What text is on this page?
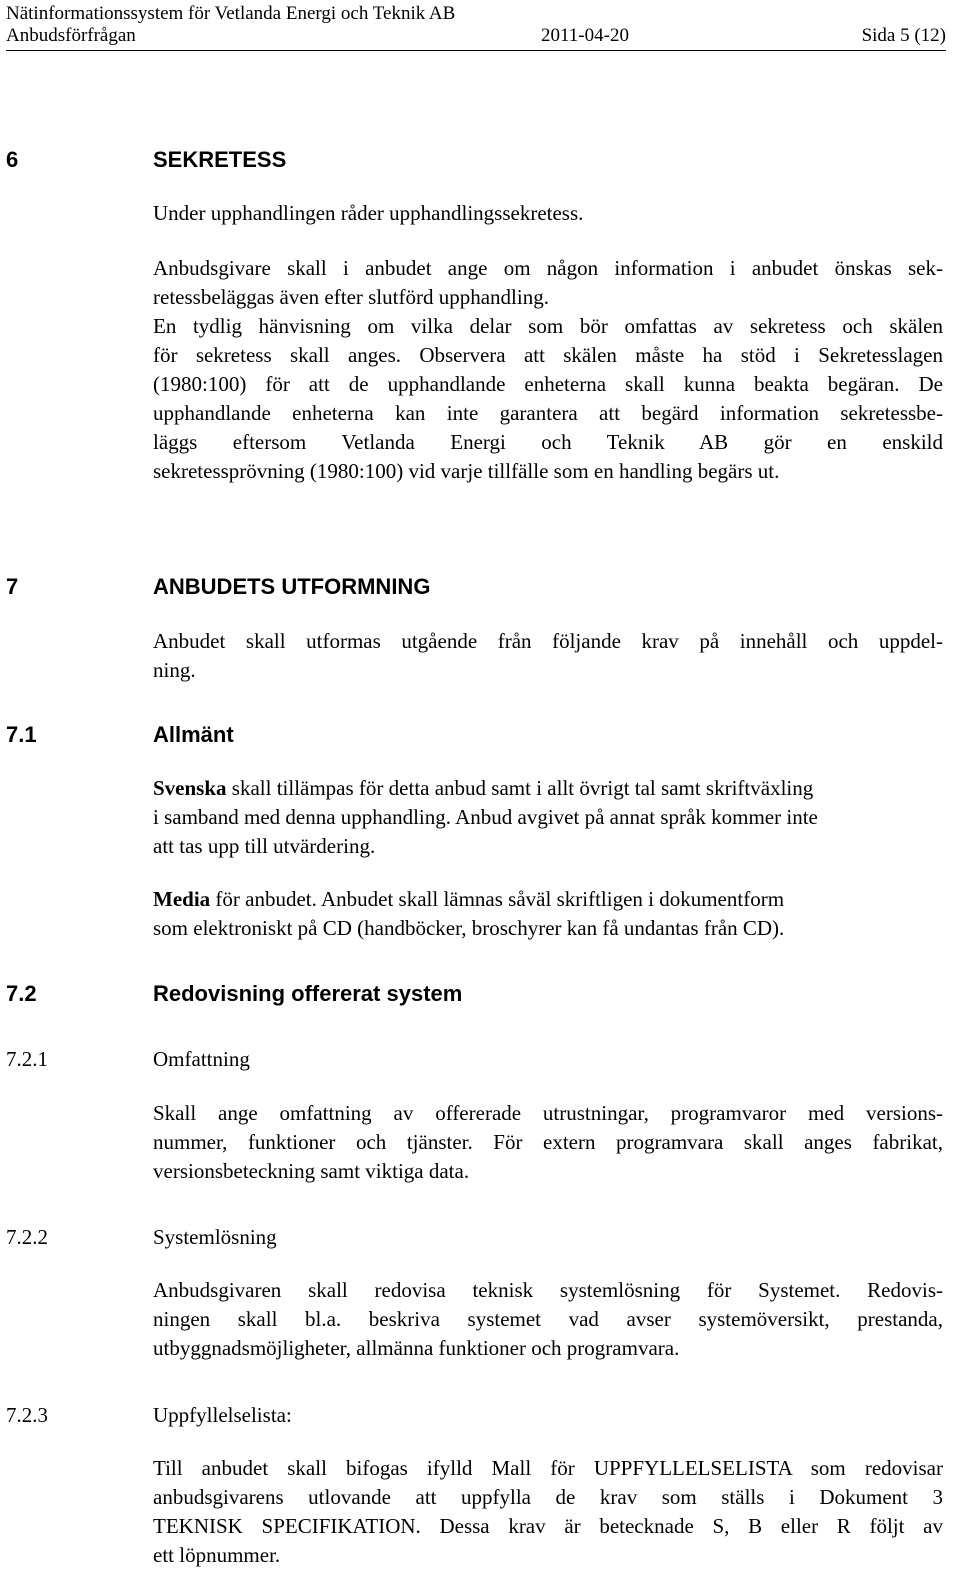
Nätinformationssystem för Vetlanda Energi och Teknik AB
Anbudsförfrågan	2011-04-20	Sida 5 (12)
6	SEKRETESS
Under upphandlingen råder upphandlingssekretess.
Anbudsgivare skall i anbudet ange om någon information i anbudet önskas sek-
retessbeläggas även efter slutförd upphandling.
En tydlig hänvisning om vilka delar som bör omfattas av sekretess och skälen
för sekretess skall anges. Observera att skälen måste ha stöd i Sekretesslagen
(1980:100) för att de upphandlande enheterna skall kunna beakta begäran. De
upphandlande enheterna kan inte garantera att begärd information sekretessbe-
läggs eftersom Vetlanda Energi och Teknik AB gör en enskild
sekretessprövning (1980:100) vid varje tillfälle som en handling begärs ut.
7	ANBUDETS UTFORMNING
Anbudet skall utformas utgående från följande krav på innehåll och uppdel-
ning.
7.1	Allmänt
Svenska skall tillämpas för detta anbud samt i allt övrigt tal samt skriftväxling
i samband med denna upphandling. Anbud avgivet på annat språk kommer inte
att tas upp till utvärdering.
Media för anbudet. Anbudet skall lämnas såväl skriftligen i dokumentform
som elektroniskt på CD (handböcker, broschyrer kan få undantas från CD).
7.2	Redovisning offererat system
7.2.1	Omfattning
Skall ange omfattning av offererade utrustningar, programvaror med versions-
nummer, funktioner och tjänster. För extern programvara skall anges fabrikat,
versionsbeteckning samt viktiga data.
7.2.2	Systemlösning
Anbudsgivaren skall redovisa teknisk systemlösning för Systemet. Redovis-
ningen skall bl.a. beskriva systemet vad avser systemöversikt, prestanda,
utbyggnadsmöjligheter, allmänna funktioner och programvara.
7.2.3	Uppfyllelselista:
Till anbudet skall bifogas ifylld Mall för UPPFYLLELSELISTA som redovisar
anbudsgivarens utlovande att uppfylla de krav som ställs i Dokument 3
TEKNISK SPECIFIKATION. Dessa krav är betecknade S, B eller R följt av
ett löpnummer.
